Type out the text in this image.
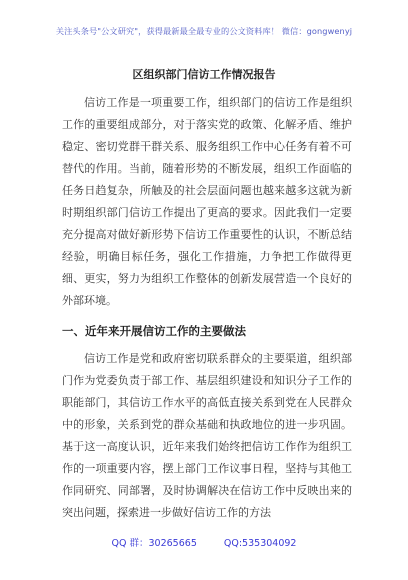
关注头条号"公文研究"，获得最新最全最专业的公文资料库！ 微信：gongwenyj
区组织部门信访工作情况报告

信访工作是一项重要工作，组织部门的信访工作是组织工作的重要组成部分，对于落实党的政策、化解矛盾、维护稳定、密切党群干群关系、服务组织工作中心任务有着不可替代的作用。当前，随着形势的不断发展，组织工作面临的任务日趋复杂，所触及的社会层面问题也越来越多这就为新时期组织部门信访工作提出了更高的要求。因此我们一定要充分提高对做好新形势下信访工作重要性的认识，不断总结经验，明确目标任务，强化工作措施，力争把工作做得更细、更实，努力为组织工作整体的创新发展营造一个良好的外部环境。

一、近年来开展信访工作的主要做法

信访工作是党和政府密切联系群众的主要渠道，组织部门作为党委负责于部工作、基层组织建设和知识分子工作的职能部门，其信访工作水平的高低直接关系到党在人民群众中的形象，关系到党的群众基础和执政地位的进一步巩固。基于这一高度认识，近年来我们始终把信访工作作为组织工作的一项重要内容，摆上部门工作议事日程，坚持与其他工作同研究、同部署，及时协调解决在信访工作中反映出来的突出问题，探索进一步做好信访工作的方法

QQ 群：30265665	QQ:535304092
